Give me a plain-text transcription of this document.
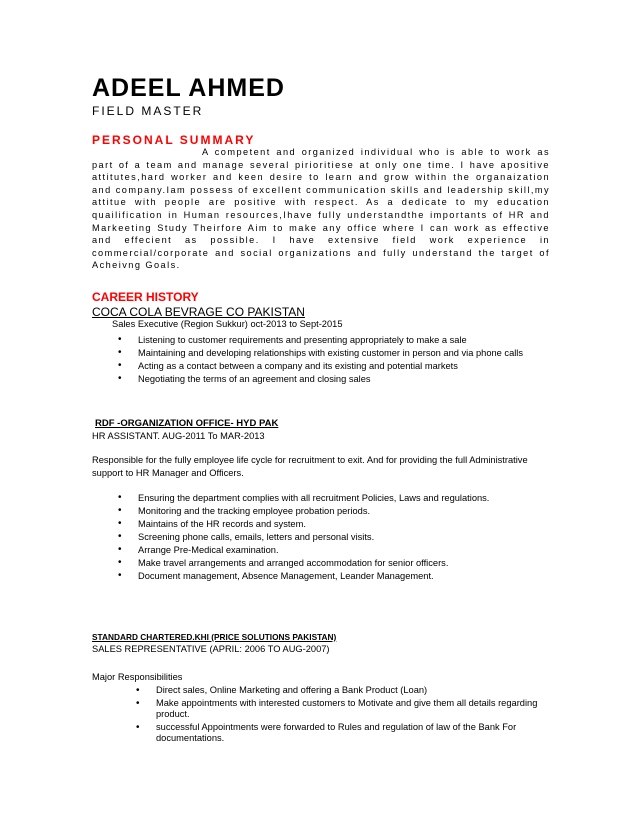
ADEEL AHMED
FIELD MASTER
PERSONAL SUMMARY

A competent and organized individual who is able to work as part of a team and manage several pirioritiese at only one time. I have apositive attitutes,hard worker and keen desire to learn and grow within the organaization and company.Iam possess of excellent communication skills and leadership skill,my attitue with people are positive with respect. As a dedicate to my education quailification in Human resources,Ihave fully understandthe importants of HR and Markeeting Study Theirfore Aim to make any office where I can work as effective and effecient as possible. I have extensive field work experience in commercial/corporate and social organizations and fully understand the target of Acheivng Goals.

CAREER HISTORY
COCA COLA BEVRAGE CO PAKISTAN
Sales Executive (Region Sukkur) oct-2013 to Sept-2015
• Listening to customer requirements and presenting appropriately to make a sale
• Maintaining and developing relationships with existing customer in person and via phone calls
• Acting as a contact between a company and its existing and potential markets
• Negotiating the terms of an agreement and closing sales
RDF -ORGANIZATION OFFICE- HYD PAK
HR ASSISTANT. AUG-2011 To MAR-2013

Responsible for the fully employee life cycle for recruitment to exit. And for providing the full Administrative support to HR Manager and Officers.

• Ensuring the department complies with all recruitment Policies, Laws and regulations.
• Monitoring and the tracking employee probation periods.
• Maintains of the HR records and system.
• Screening phone calls, emails, letters and personal visits.
• Arrange Pre-Medical examination.
• Make travel arrangements and arranged accommodation for senior officers.
• Document management, Absence Management, Leander Management.
STANDARD CHARTERED.KHI (PRICE SOLUTIONS PAKISTAN)
SALES REPRESENTATIVE (APRIL: 2006 TO AUG-2007)
Major Responsibilities
• Direct sales, Online Marketing and offering a Bank Product (Loan)
• Make appointments with interested customers to Motivate and give them all details regarding product.
• successful Appointments were forwarded to Rules and regulation of law of the Bank For documentations.
